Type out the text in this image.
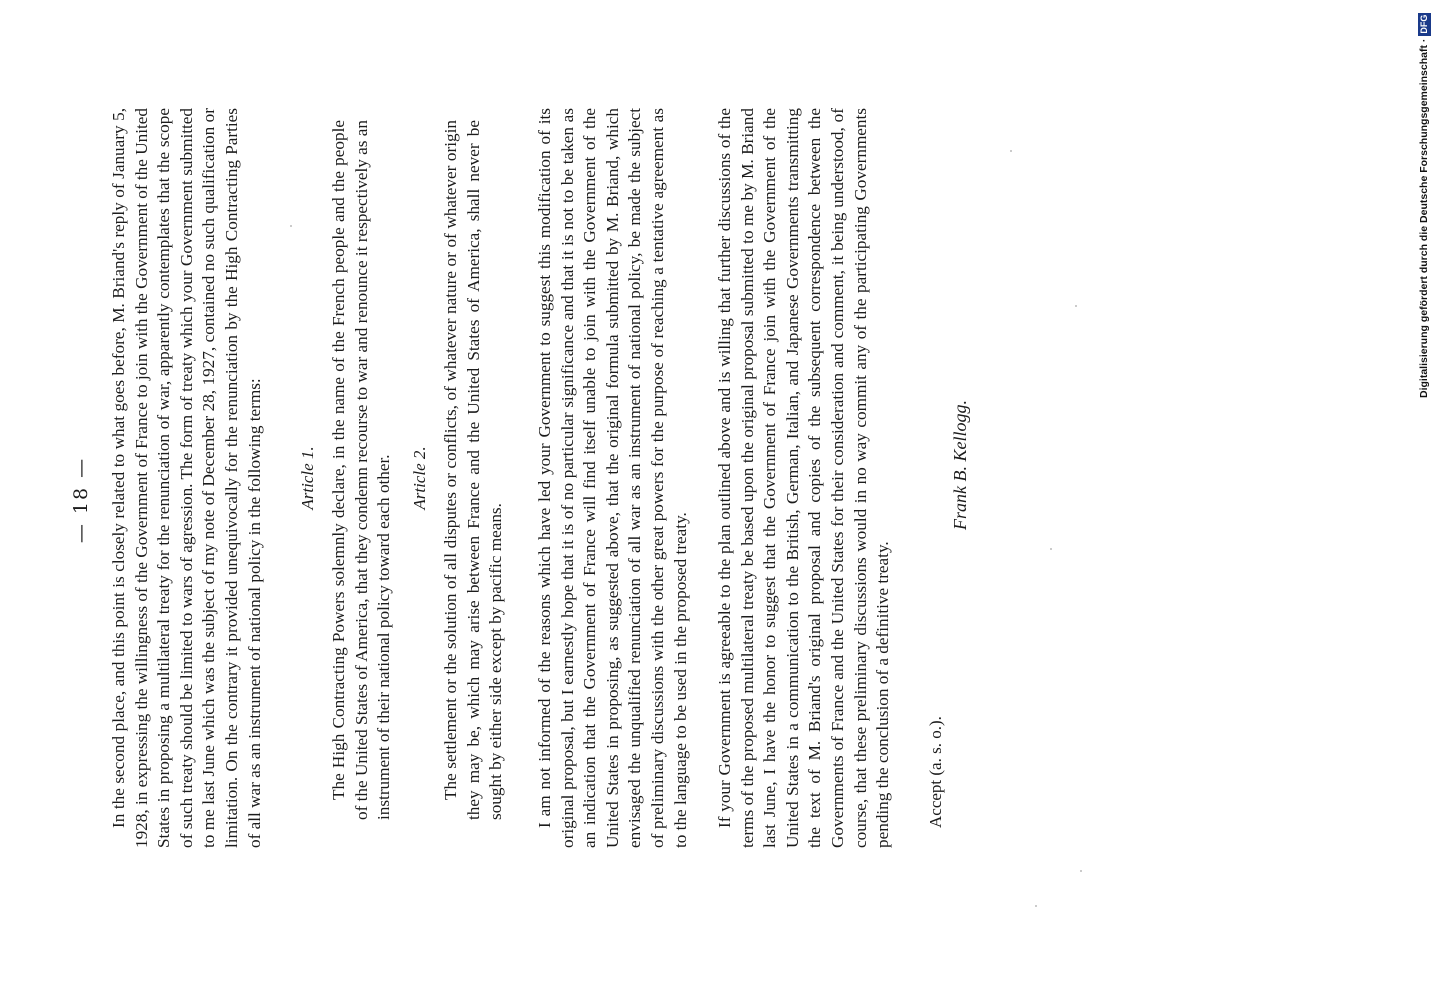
— 18 — In the second place, and this point is closely related to what goes before, M. Briand's reply of January 5, 1928, in expressing the willingness of the Government of France to join with the Government of the United States in proposing a multilateral treaty for the renunciation of war, apparently contemplates that the scope of such treaty should be limited to wars of agression. The form of treaty which your Government submitted to me last June which was the subject of my note of December 28, 1927, contained no such qualification or limitation. On the contrary it provided unequivocally for the renunciation by the High Contracting Parties of all war as an instrument of national policy in the following terms: Article 1. The High Contracting Powers solemnly declare, in the name of the French people and the people of the United States of America, that they condemn recourse to war and renounce it respectively as an instrument of their national policy toward each other. Article 2. The settlement or the solution of all disputes or conflicts, of whatever nature or of whatever origin they may be, which may arise between France and the United States of America, shall never be sought by either side except by pacific means. I am not informed of the reasons which have led your Government to suggest this modification of its original proposal, but I earnestly hope that it is of no particular significance and that it is not to be taken as an indication that the Government of France will find itself unable to join with the Government of the United States in proposing, as suggested above, that the original formula submitted by M. Briand, which envisaged the unqualified renunciation of all war as an instrument of national policy, be made the subject of preliminary discussions with the other great powers for the purpose of reaching a tentative agreement as to the language to be used in the proposed treaty. If your Government is agreeable to the plan outlined above and is willing that further discussions of the terms of the proposed multilateral treaty be based upon the original proposal submitted to me by M. Briand last June, I have the honor to suggest that the Government of France join with the Government of the United States in a communication to the British, German, Italian, and Japanese Governments transmitting the text of M. Briand's original proposal and copies of the subsequent correspondence between the Governments of France and the United States for their consideration and comment, it being understood, of course, that these preliminary discussions would in no way commit any of the participating Governments pending the conclusion of a definitive treaty. Accept (a. s. o.).
Frank B. Kellogg.
Digitalisierung gefördert durch die Deutsche Forschungsgemeinschaft ·DFG
